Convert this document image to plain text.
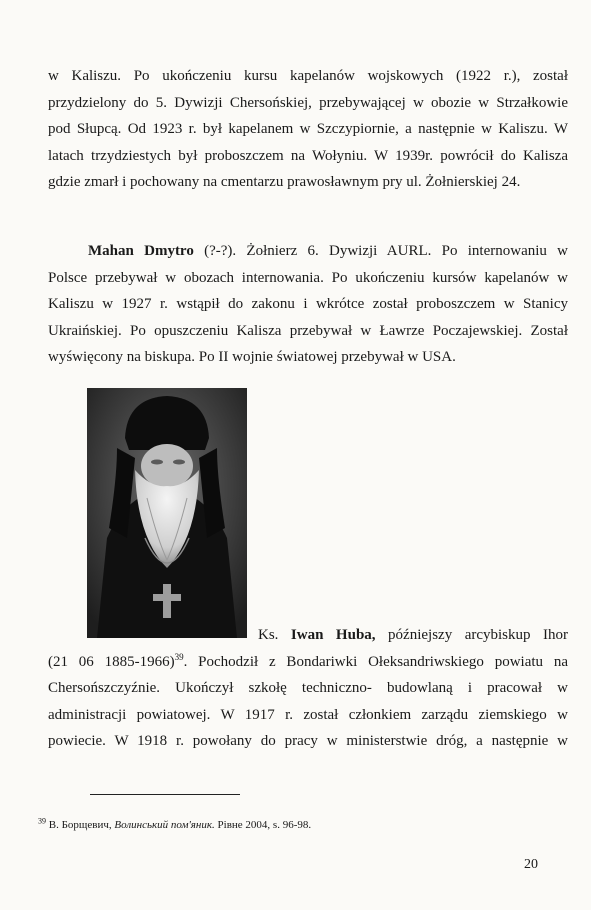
w Kaliszu. Po ukończeniu kursu kapelanów wojskowych (1922 r.), został
przydzielony do 5. Dywizji Chersońskiej, przebywającej w obozie w Strzałkowie
pod Słupcą. Od 1923 r. był kapelanem w Szczypiornie, a następnie w Kaliszu. W
latach trzydziestych był proboszczem na Wołyniu. W 1939r. powrócił do Kalisza
gdzie zmarł i pochowany na cmentarzu prawosławnym pry ul. Żołnierskiej 24.

Mahan Dmytro (?-?). Żołnierz 6. Dywizji AURL. Po internowaniu w
Polsce przebywał w obozach internowania. Po ukończeniu kursów kapelanów w
Kaliszu w 1927 r. wstąpił do zakonu i wkrótce został proboszczem w Stanicy
Ukraińskiej. Po opuszczeniu Kalisza przebywał w Ławrze Poczajewskiej. Został
wyświęcony na biskupa. Po II wojnie światowej przebywał w USA.

Ks. Iwan Huba, późniejszy arcybiskup Ihor
(21 06 1885-1966)$^{39}$. Pochodził z Bondariwki Ołeksandriwskiego powiatu na
Chersońszczyźnie. Ukończył szkołę techniczno- budowlaną i pracował w
administracji powiatowej. W 1917 r. został członkiem zarządu ziemskiego w
powiecie. W 1918 r. powołany do pracy w ministerstwie dróg, a następnie w
$^{39}$ В. Борщевич, Волинський пом'яник. Рівне 2004, s. 96-98.
20
